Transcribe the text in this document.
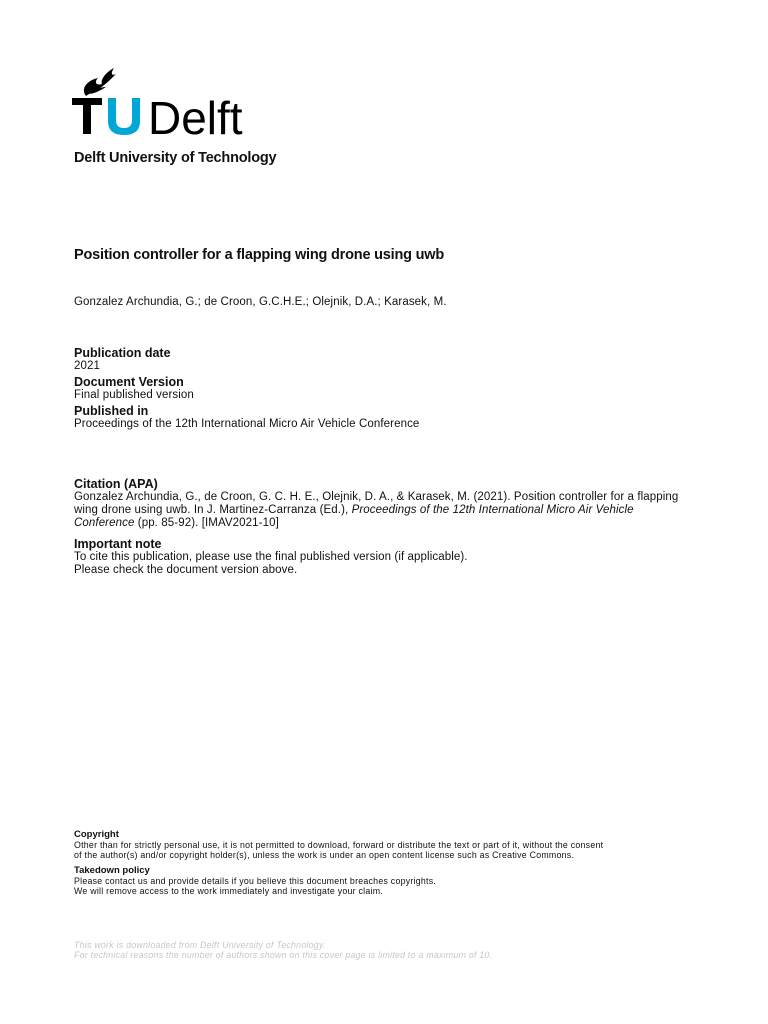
Delft
Delft University of Technology
Position controller for a flapping wing drone using uwb
Gonzalez Archundia, G.; de Croon, G.C.H.E.; Olejnik, D.A.; Karasek, M.
Publication date
2021
Document Version
Final published version
Published in
Proceedings of the 12th International Micro Air Vehicle Conference
Citation (APA)
Gonzalez Archundia, G., de Croon, G. C. H. E., Olejnik, D. A., & Karasek, M. (2021). Position controller for a flapping wing drone using uwb. In J. Martinez-Carranza (Ed.), Proceedings of the 12th International Micro Air Vehicle Conference (pp. 85-92). [IMAV2021-10]
Important note
To cite this publication, please use the final published version (if applicable).
Please check the document version above.
Copyright
Other than for strictly personal use, it is not permitted to download, forward or distribute the text or part of it, without the consent
of the author(s) and/or copyright holder(s), unless the work is under an open content license such as Creative Commons.
Takedown policy
Please contact us and provide details if you believe this document breaches copyrights.
We will remove access to the work immediately and investigate your claim.
This work is downloaded from Delft University of Technology.
For technical reasons the number of authors shown on this cover page is limited to a maximum of 10.
